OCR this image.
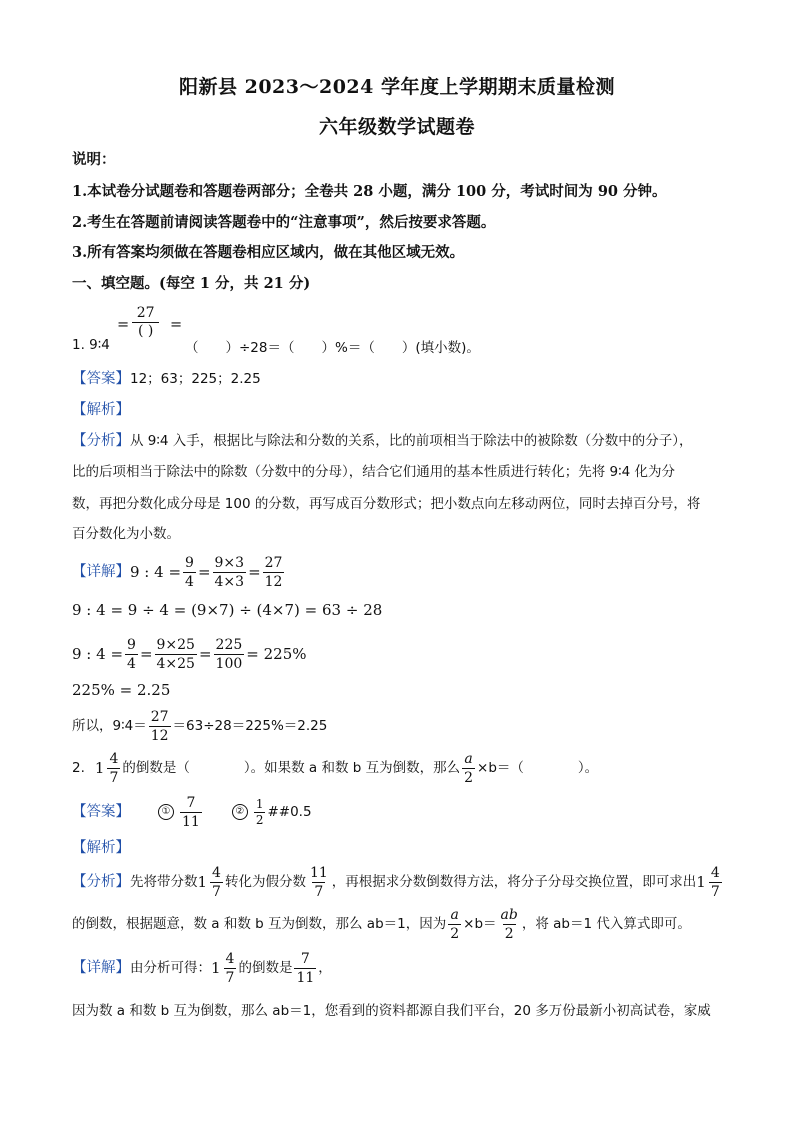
阳新县 2023～2024 学年度上学期期末质量检测
六年级数学试题卷
说明：
1.本试卷分试题卷和答题卷两部分；全卷共 28 小题，满分 100 分，考试时间为 90 分钟。
2.考生在答题前请阅读答题卷中的“注意事项”，然后按要求答题。
3.所有答案均须做在答题卷相应区域内，做在其他区域无效。
一、填空题。(每空 1 分，共 21 分)
1. 9∶4
=
27
( )	=
（　　）÷28＝（　　）%＝（　　）(填小数)。
【答案】12；63；225；2.25
【解析】
【分析】从 9∶4 入手，根据比与除法和分数的关系，比的前项相当于除法中的被除数（分数中的分子），
比的后项相当于除法中的除数（分数中的分母），结合它们通用的基本性质进行转化；先将 9∶4 化为分
数，再把分数化成分母是 100 的分数，再写成百分数形式；把小数点向左移动两位，同时去掉百分号，将
百分数化为小数。
【详解】 9 : $4 = \frac{9}{4} = \frac{9\times 3}{4\times 3} = \frac{27}{12}$
9 : 4 = 9 ÷ 4 = (9×7) ÷ (4×7) = 63 ÷ 28
9 : $4 = \frac{9}{4} = \frac{9\times 25}{4\times 25} = \frac{225}{100} = 225\%$
225% = 2.25
所以，9∶4＝ $\frac{27}{12} =63\div 28=225\%=2.25$
2. $1 \frac{4}{7}$ 的倒数是（　　　　）。如果数 a 和数 b 互为倒数，那么 $\frac{a}{2} \times b=$（　　　　）。
【答案】	① $\frac{7}{11}$	② $\frac{1}{2}$ ##0.5
【解析】
【分析】 先将带分数 $1 \frac{4}{7}$ 转化为假分数 $\frac{11}{7}$ ，再根据求分数倒数得方法，将分子分母交换位置，即可求出 $1 \frac{4}{7}$
的倒数，根据题意，数 a 和数 b 互为倒数，那么 ab＝1，因为 $\frac{a}{2} \times b= \frac{ab}{2}$ ，将 ab＝1 代入算式即可。
【详解】 由分析可得： $1 \frac{4}{7}$ 的倒数是 $\frac{7}{11}$ ，
因为数 a 和数 b 互为倒数，那么 ab＝1，您看到的资料都源自我们平台，20 多万份最新小初高试卷，家威
